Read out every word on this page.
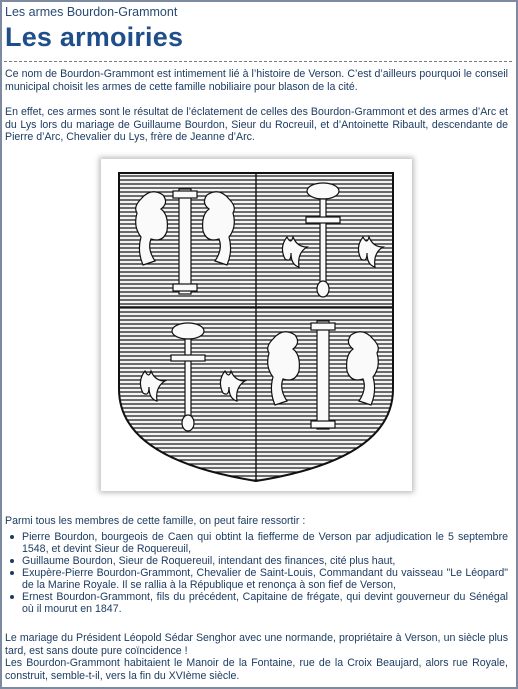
Les armes Bourdon-Grammont
Les armoiries

Ce nom de Bourdon-Grammont est intimement lié à l’histoire de Verson. C’est d’ailleurs pourquoi le conseil municipal choisit les armes de cette famille nobiliaire pour blason de la cité.

En effet, ces armes sont le résultat de l’éclatement de celles des Bourdon-Grammont et des armes d’Arc et du Lys lors du mariage de Guillaume Bourdon, Sieur du Rocreuil, et d’Antoinette Ribault, descendante de Pierre d’Arc, Chevalier du Lys, frère de Jeanne d’Arc.

Parmi tous les membres de cette famille, on peut faire ressortir :

Pierre Bourdon, bourgeois de Caen qui obtint la fiefferme de Verson par adjudication le 5 septembre 1548, et devint Sieur de Roquereuil,
Guillaume Bourdon, Sieur de Roquereuil, intendant des finances, cité plus haut,
Exupère-Pierre Bourdon-Grammont, Chevalier de Saint-Louis, Commandant du vaisseau "Le Léopard" de la Marine Royale. Il se rallia à la République et renonça à son fief de Verson,
Ernest Bourdon-Grammont, fils du précédent, Capitaine de frégate, qui devint gouverneur du Sénégal où il mourut en 1847.
Le mariage du Président Léopold Sédar Senghor avec une normande, propriétaire à Verson, un siècle plus tard, est sans doute pure coïncidence !
Les Bourdon-Grammont habitaient le Manoir de la Fontaine, rue de la Croix Beaujard, alors rue Royale, construit, semble-t-il, vers la fin du XVIème siècle.
